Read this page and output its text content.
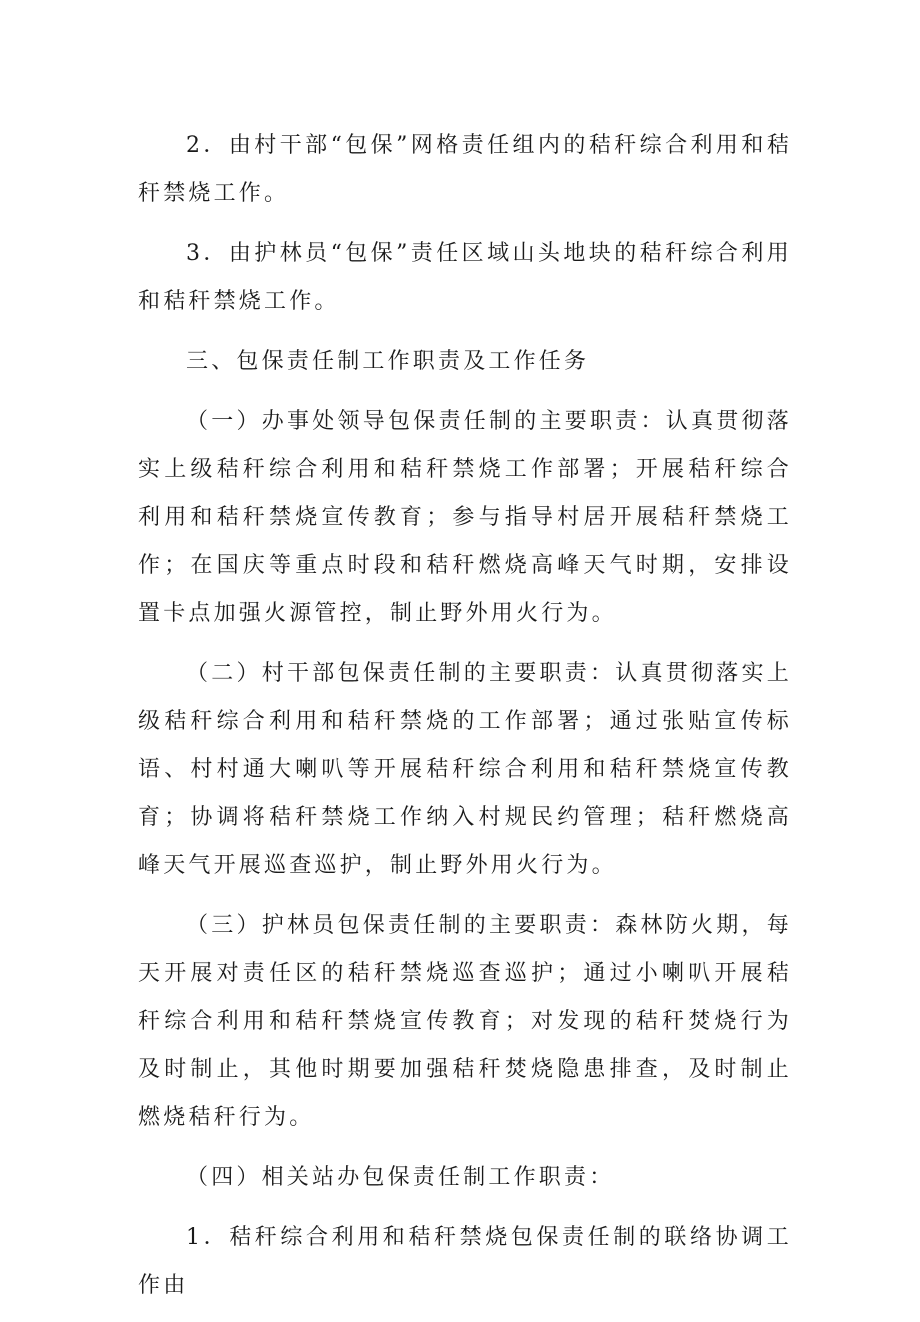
2．由村干部“包保”网格责任组内的秸秆综合利用和秸秆禁烧工作。

3．由护林员“包保”责任区域山头地块的秸秆综合利用和秸秆禁烧工作。

三、包保责任制工作职责及工作任务

（一）办事处领导包保责任制的主要职责：认真贯彻落实上级秸秆综合利用和秸秆禁烧工作部署；开展秸秆综合利用和秸秆禁烧宣传教育；参与指导村居开展秸秆禁烧工作；在国庆等重点时段和秸秆燃烧高峰天气时期，安排设置卡点加强火源管控，制止野外用火行为。

（二）村干部包保责任制的主要职责：认真贯彻落实上级秸秆综合利用和秸秆禁烧的工作部署；通过张贴宣传标语、村村通大喇叭等开展秸秆综合利用和秸秆禁烧宣传教育；协调将秸秆禁烧工作纳入村规民约管理；秸秆燃烧高峰天气开展巡查巡护，制止野外用火行为。

（三）护林员包保责任制的主要职责：森林防火期，每天开展对责任区的秸秆禁烧巡查巡护；通过小喇叭开展秸秆综合利用和秸秆禁烧宣传教育；对发现的秸秆焚烧行为及时制止，其他时期要加强秸秆焚烧隐患排查，及时制止燃烧秸秆行为。

（四）相关站办包保责任制工作职责：

1．秸秆综合利用和秸秆禁烧包保责任制的联络协调工作由
